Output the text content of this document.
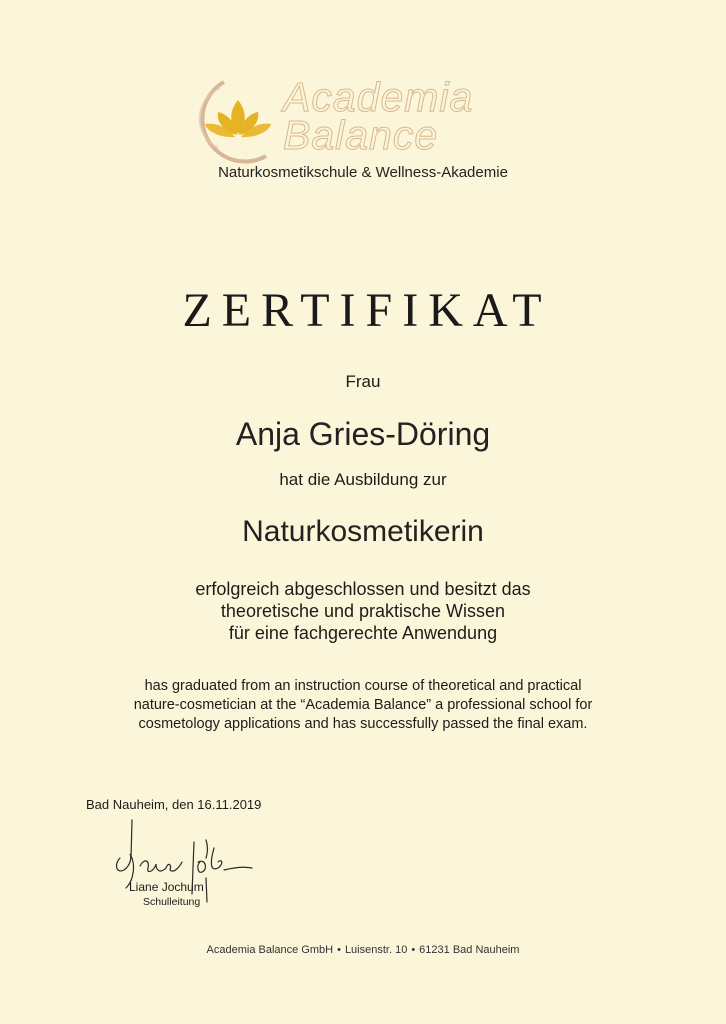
Academia
Balance
Naturkosmetikschule & Wellness-Akademie
ZERTIFIKAT
Frau
Anja Gries-Döring
hat die Ausbildung zur
Naturkosmetikerin
erfolgreich abgeschlossen und besitzt das
theoretische und praktische Wissen
für eine fachgerechte Anwendung
has graduated from an instruction course of theoretical and practical
nature-cosmetician at the “Academia Balance” a professional school for
cosmetology applications and has successfully passed the final exam.
Bad Nauheim, den 16.11.2019
Liane Jochum
Schulleitung
Academia Balance GmbH • Luisenstr. 10 • 61231 Bad Nauheim
